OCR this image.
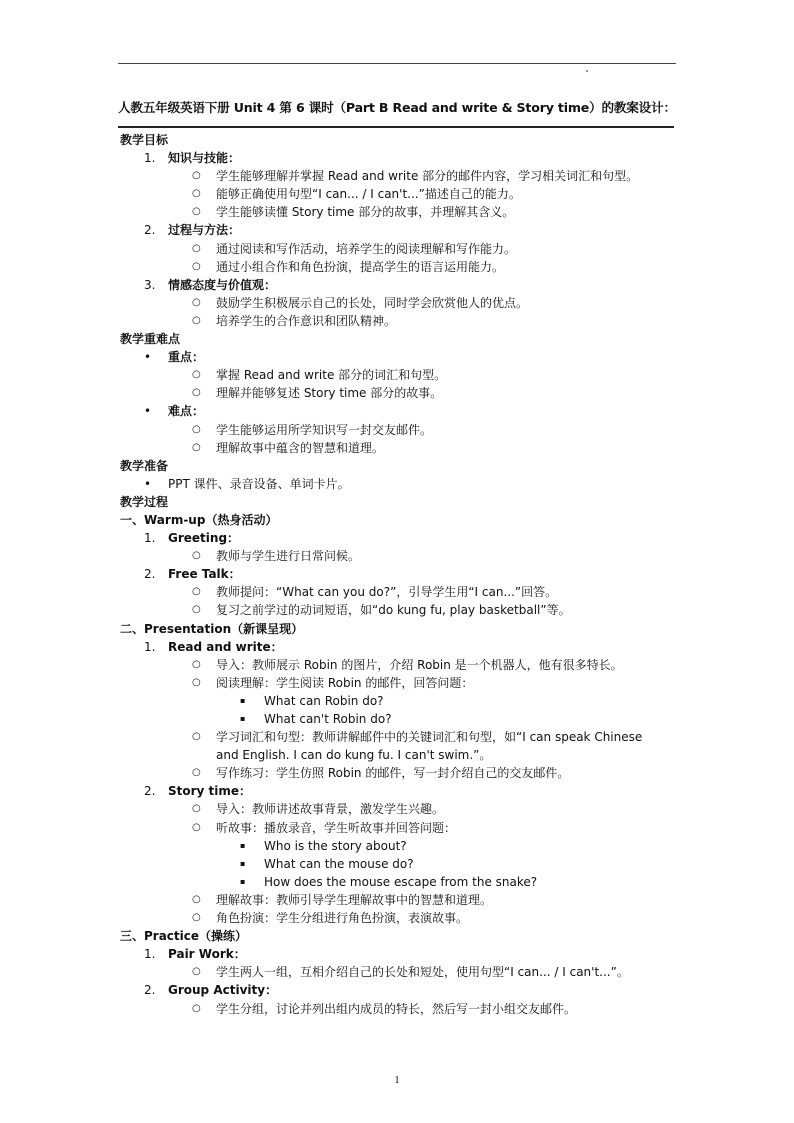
人教五年级英语下册 Unit 4 第 6 课时（Part B Read and write & Story time）的教案设计：
教学目标
1.	知识与技能：
○	学生能够理解并掌握 Read and write 部分的邮件内容，学习相关词汇和句型。
○	能够正确使用句型“I can... / I can't...”描述自己的能力。
○	学生能够读懂 Story time 部分的故事，并理解其含义。
2.	过程与方法：
○	通过阅读和写作活动，培养学生的阅读理解和写作能力。
○	通过小组合作和角色扮演，提高学生的语言运用能力。
3.	情感态度与价值观：
○	鼓励学生积极展示自己的长处，同时学会欣赏他人的优点。
○	培养学生的合作意识和团队精神。
教学重难点
•	重点：
○	掌握 Read and write 部分的词汇和句型。
○	理解并能够复述 Story time 部分的故事。
•	难点：
○	学生能够运用所学知识写一封交友邮件。
○	理解故事中蕴含的智慧和道理。
教学准备
•	PPT 课件、录音设备、单词卡片。
教学过程
一、Warm-up（热身活动）
1.	Greeting：
○	教师与学生进行日常问候。
2.	Free Talk：
○	教师提问：“What can you do?”，引导学生用“I can...”回答。
○	复习之前学过的动词短语，如“do kung fu, play basketball”等。
二、Presentation（新课呈现）
1.	Read and write：
○	导入：教师展示 Robin 的图片，介绍 Robin 是一个机器人，他有很多特长。
○	阅读理解：学生阅读 Robin 的邮件，回答问题：
▪	What can Robin do?
▪	What can't Robin do?
○	学习词汇和句型：教师讲解邮件中的关键词汇和句型，如“I can speak Chinese
and English. I can do kung fu. I can't swim.”。
○	写作练习：学生仿照 Robin 的邮件，写一封介绍自己的交友邮件。
2.	Story time：
○	导入：教师讲述故事背景，激发学生兴趣。
○	听故事：播放录音，学生听故事并回答问题：
▪	Who is the story about?
▪	What can the mouse do?
▪	How does the mouse escape from the snake?
○	理解故事：教师引导学生理解故事中的智慧和道理。
○	角色扮演：学生分组进行角色扮演，表演故事。
三、Practice（操练）
1.	Pair Work：
○	学生两人一组，互相介绍自己的长处和短处，使用句型“I can... / I can't...”。
2.	Group Activity：
○	学生分组，讨论并列出组内成员的特长，然后写一封小组交友邮件。
1
